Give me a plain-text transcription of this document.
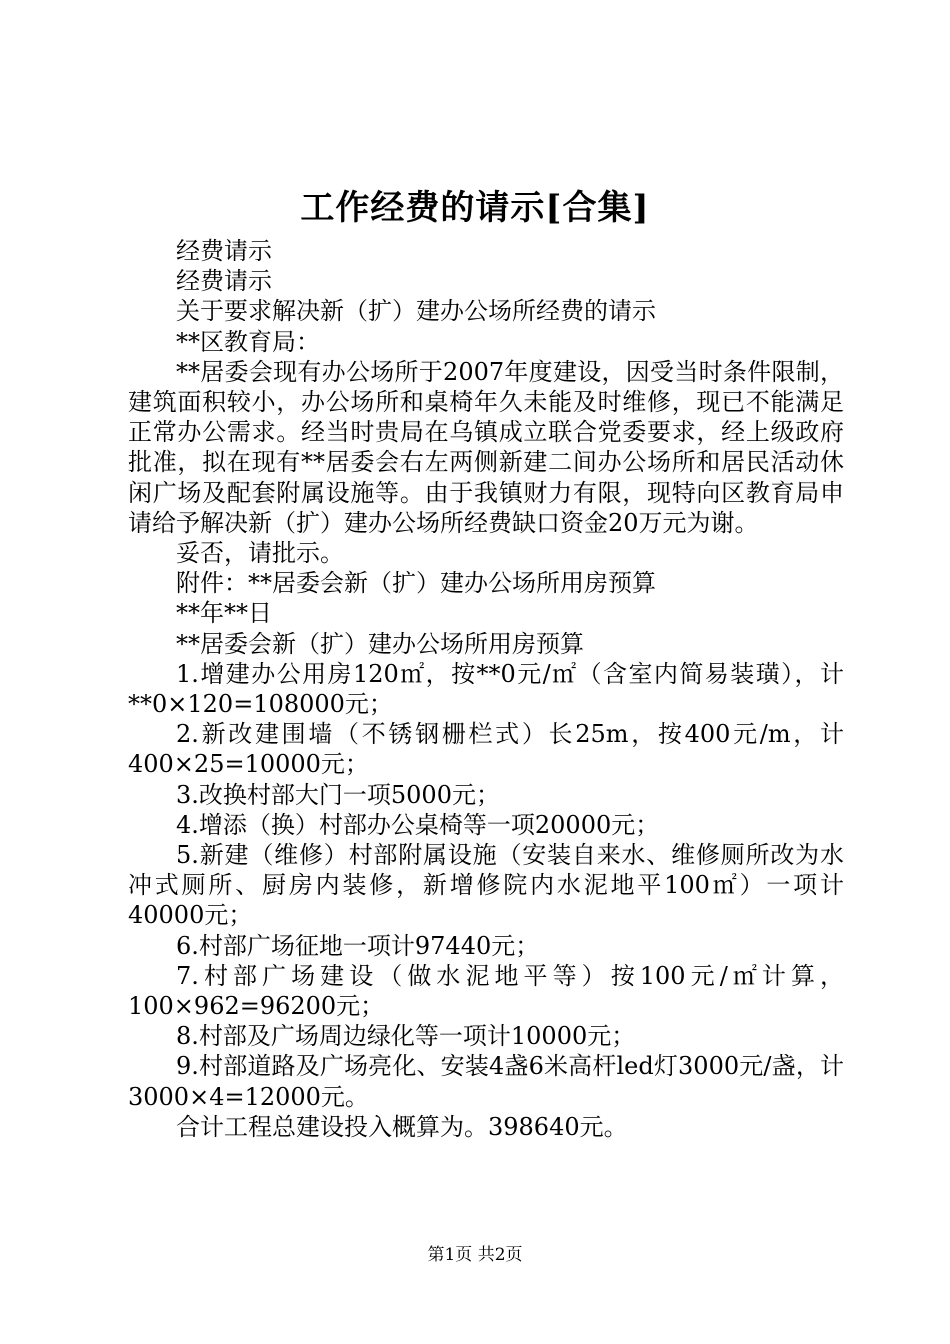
工作经费的请示[合集]

经费请示

经费请示

关于要求解决新（扩）建办公场所经费的请示

**区教育局：

**居委会现有办公场所于2007年度建设，因受当时条件限制，建筑面积较小，办公场所和桌椅年久未能及时维修，现已不能满足正常办公需求。经当时贵局在乌镇成立联合党委要求，经上级政府批准，拟在现有**居委会右左两侧新建二间办公场所和居民活动休闲广场及配套附属设施等。由于我镇财力有限，现特向区教育局申请给予解决新（扩）建办公场所经费缺口资金20万元为谢。

妥否，请批示。

附件：**居委会新（扩）建办公场所用房预算

**年**日

**居委会新（扩）建办公场所用房预算

1.增建办公用房120㎡，按**0元/㎡（含室内简易装璜），计**0×120=108000元；

2.新改建围墙（不锈钢栅栏式）长25m，按400元/m，计400×25=10000元；

3.改换村部大门一项5000元；

4.增添（换）村部办公桌椅等一项20000元；

5.新建（维修）村部附属设施（安装自来水、维修厕所改为水冲式厕所、厨房内装修，新增修院内水泥地平100㎡）一项计40000元；

6.村部广场征地一项计97440元；

7.村部广场建设（做水泥地平等）按100元/㎡计算，100×962=96200元；

8.村部及广场周边绿化等一项计10000元；

9.村部道路及广场亮化、安装4盏6米高杆led灯3000元/盏，计3000×4=12000元。

合计工程总建设投入概算为。398640元。

第1页 共2页
